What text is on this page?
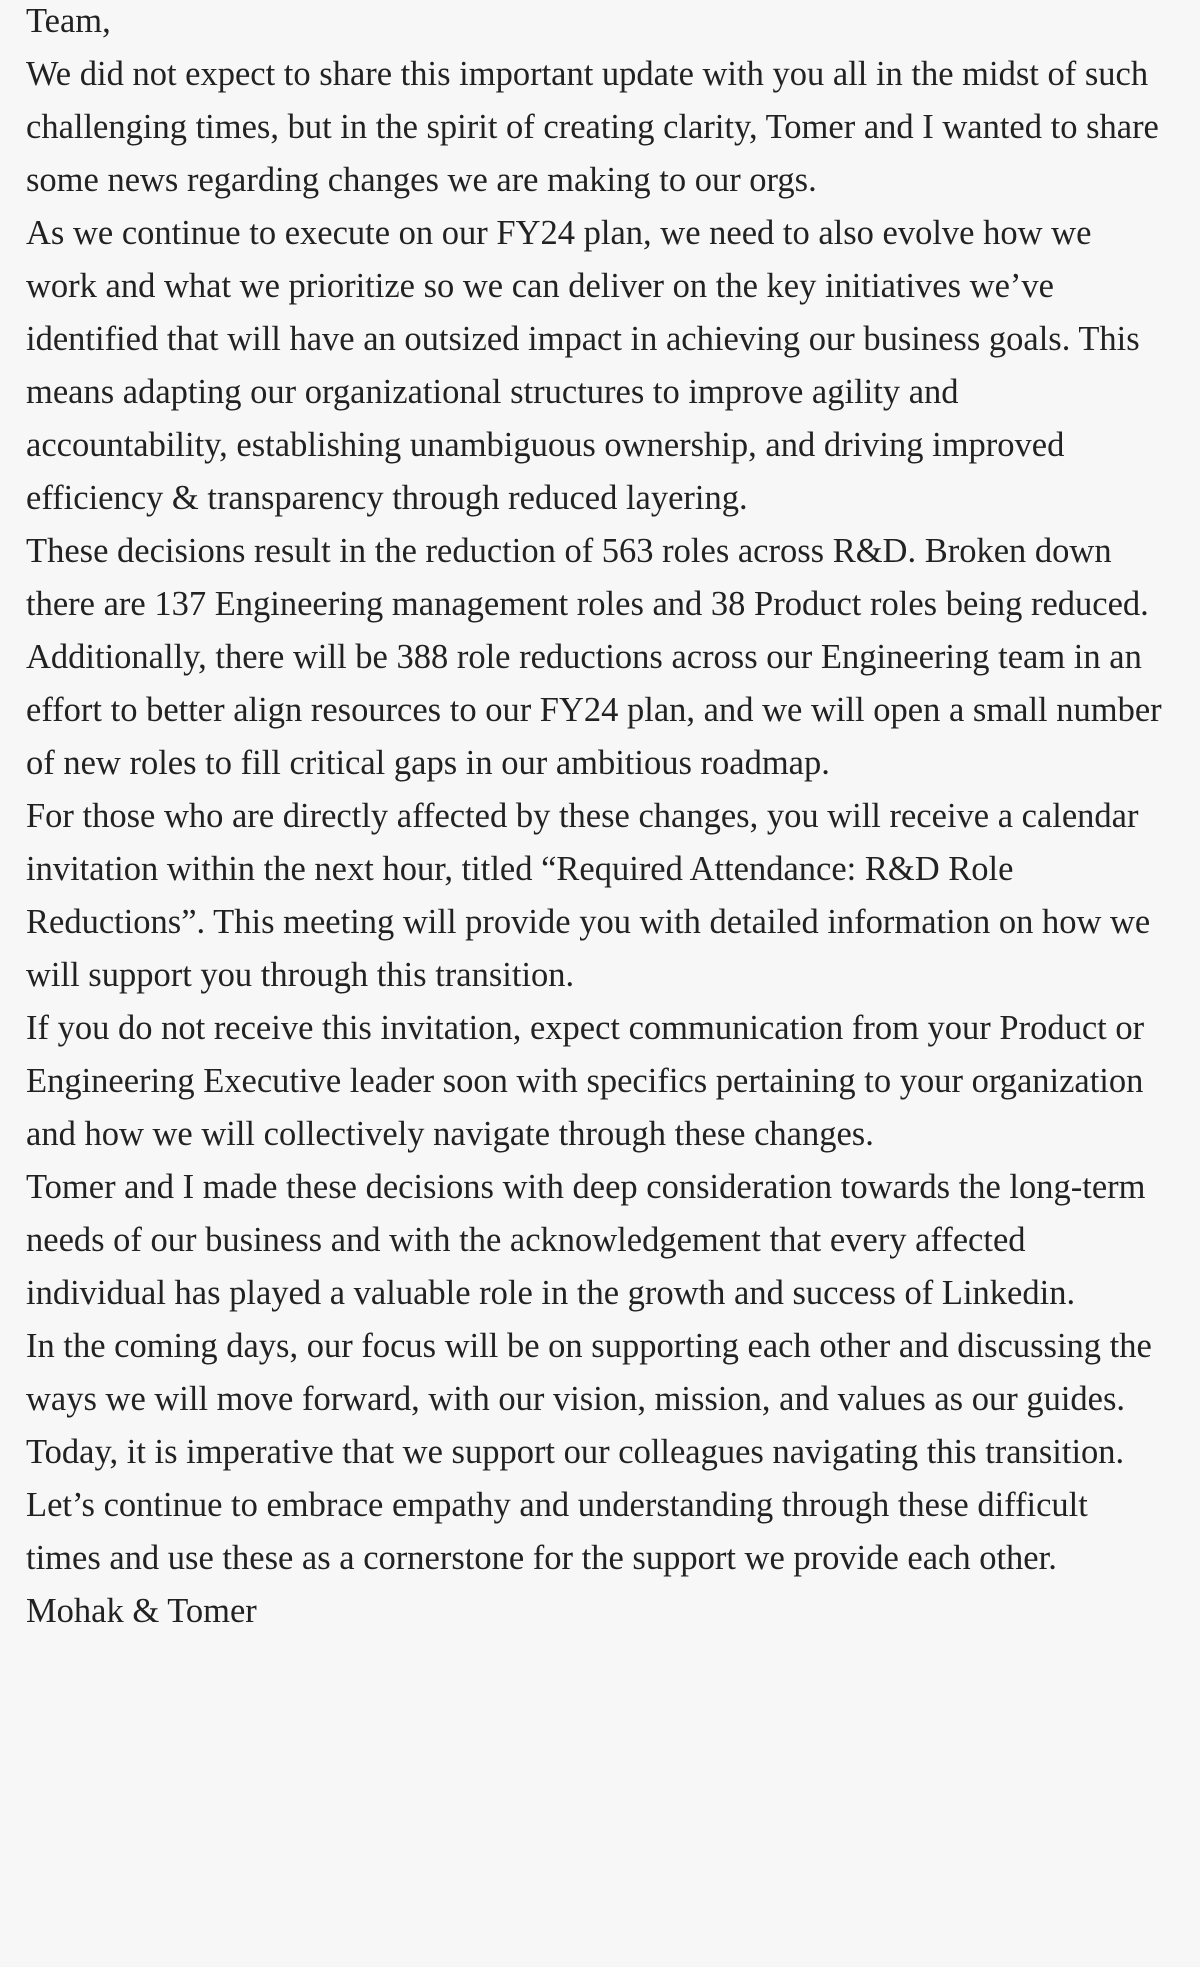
Team,

We did not expect to share this important update with you all in the midst of such challenging times, but in the spirit of creating clarity, Tomer and I wanted to share some news regarding changes we are making to our orgs.

As we continue to execute on our FY24 plan, we need to also evolve how we work and what we prioritize so we can deliver on the key initiatives we’ve identified that will have an outsized impact in achieving our business goals. This means adapting our organizational structures to improve agility and accountability, establishing unambiguous ownership, and driving improved efficiency & transparency through reduced layering.

These decisions result in the reduction of 563 roles across R&D. Broken down there are 137 Engineering management roles and 38 Product roles being reduced. Additionally, there will be 388 role reductions across our Engineering team in an effort to better align resources to our FY24 plan, and we will open a small number of new roles to fill critical gaps in our ambitious roadmap.

For those who are directly affected by these changes, you will receive a calendar invitation within the next hour, titled “Required Attendance: R&D Role Reductions”. This meeting will provide you with detailed information on how we will support you through this transition.

If you do not receive this invitation, expect communication from your Product or Engineering Executive leader soon with specifics pertaining to your organization and how we will collectively navigate through these changes.

Tomer and I made these decisions with deep consideration towards the long-term needs of our business and with the acknowledgement that every affected individual has played a valuable role in the growth and success of Linkedin.

In the coming days, our focus will be on supporting each other and discussing the ways we will move forward, with our vision, mission, and values as our guides. Today, it is imperative that we support our colleagues navigating this transition. Let’s continue to embrace empathy and understanding through these difficult times and use these as a cornerstone for the support we provide each other.

Mohak & Tomer
